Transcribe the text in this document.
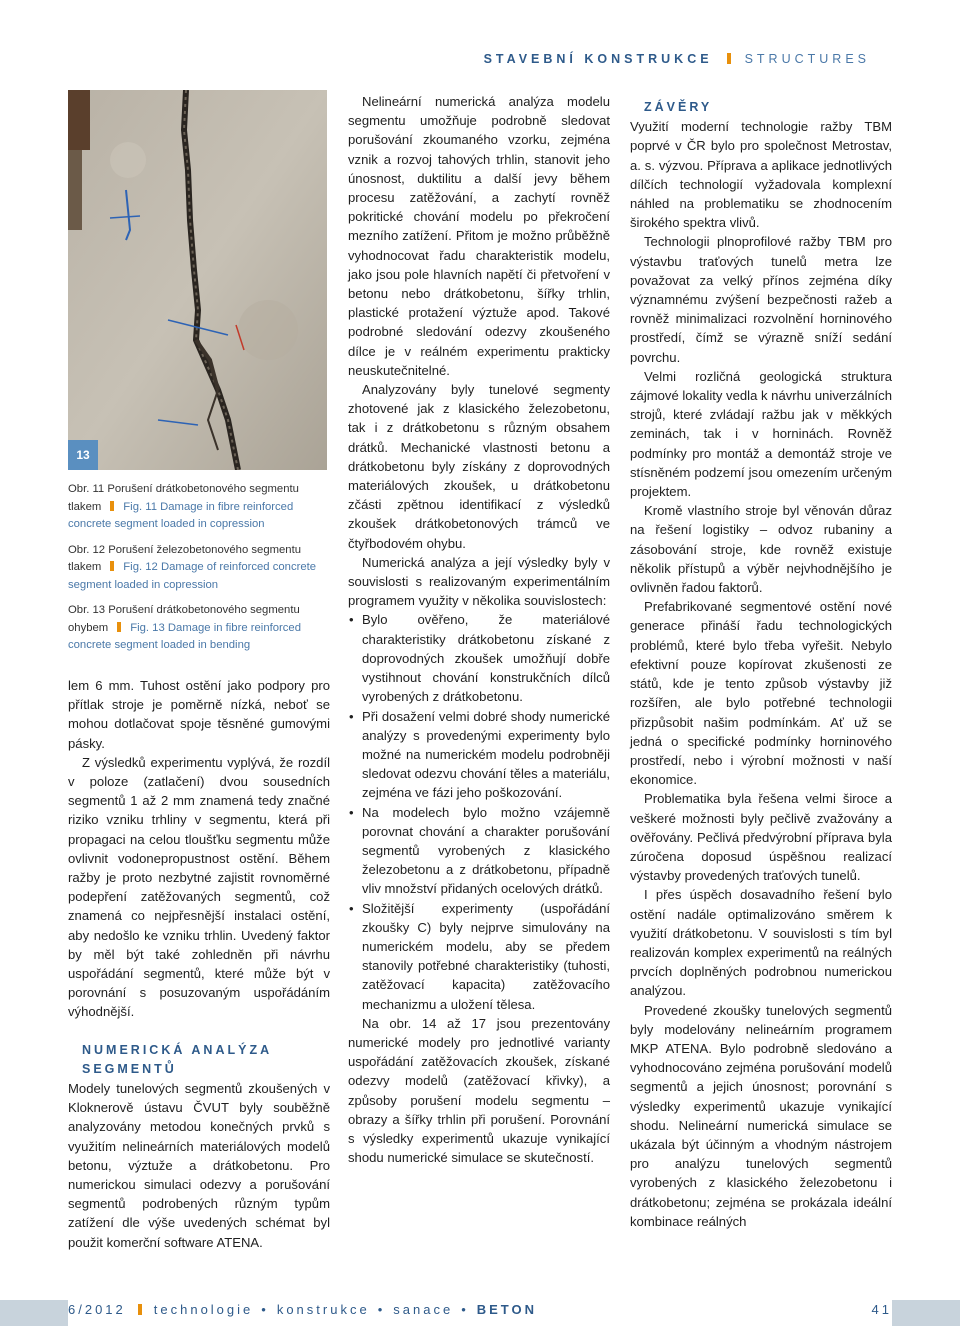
STAVEBNÍ KONSTRUKCE	STRUCTURES
13
Obr. 11 Porušení drátkobetonového segmentu tlakem Fig. 11 Damage in fibre reinforced concrete segment loaded in copression
Obr. 12 Porušení železobetonového segmentu tlakem Fig. 12 Damage of reinforced concrete segment loaded in copression
Obr. 13 Porušení drátkobetonového segmentu ohybem Fig. 13 Damage in fibre reinforced concrete segment loaded in bending

lem 6 mm. Tuhost ostění jako podpory pro přítlak stroje je poměrně nízká, neboť se mohou dotlačovat spoje těsněné gumovými pásky.

Z výsledků experimentu vyplývá, že rozdíl v poloze (zatlačení) dvou sousedních segmentů 1 až 2 mm znamená tedy značné riziko vzniku trhliny v segmentu, která při propagaci na celou tloušťku segmentu může ovlivnit vodonepropustnost ostění. Během ražby je proto nezbytné zajistit rovnoměrné podepření zatěžovaných segmentů, což znamená co nejpřesnější instalaci ostění, aby nedošlo ke vzniku trhlin. Uvedený faktor by měl být také zohledněn při návrhu uspořádání segmentů, které může být v porovnání s posuzovaným uspořádáním výhodnější.

NUMERICKÁ ANALÝZA

SEGMENTŮ

Modely tunelových segmentů zkoušených v Kloknerově ústavu ČVUT byly souběžně analyzovány metodou konečných prvků s využitím nelineárních materiálových modelů betonu, výztuže a drátkobetonu. Pro numerickou simulaci odezvy a porušování segmentů podrobených různým typům zatížení dle výše uvedených schémat byl použit komerční software ATENA.

Nelineární numerická analýza modelu segmentu umožňuje podrobně sledovat porušování zkoumaného vzorku, zejména vznik a rozvoj tahových trhlin, stanovit jeho únosnost, duktilitu a další jevy během procesu zatěžování, a zachytí rovněž pokritické chování modelu po překročení mezního zatížení. Přitom je možno průběžně vyhodnocovat řadu charakteristik modelu, jako jsou pole hlavních napětí či přetvoření v betonu nebo drátkobetonu, šířky trhlin, plastické protažení výztuže apod. Takové podrobné sledování odezvy zkoušeného dílce je v reálném experimentu prakticky neuskutečnitelné.

Analyzovány byly tunelové segmenty zhotovené jak z klasického železobetonu, tak i z drátkobetonu s různým obsahem drátků. Mechanické vlastnosti betonu a drátkobetonu byly získány z doprovodných materiálových zkoušek, u drátkobetonu zčásti zpětnou identifikací z výsledků zkoušek drátkobetonových trámců ve čtyřbodovém ohybu.

Numerická analýza a její výsledky byly v souvislosti s realizovaným experimentálním programem využity v několika souvislostech:

• Bylo ověřeno, že materiálové charakteristiky drátkobetonu získané z doprovodných zkoušek umožňují dobře vystihnout chování konstrukčních dílců vyrobených z drátkobetonu.
• Při dosažení velmi dobré shody numerické analýzy s provedenými experimenty bylo možné na numerickém modelu podrobněji sledovat odezvu chování těles a materiálu, zejména ve fázi jeho poškozování.
• Na modelech bylo možno vzájemně porovnat chování a charakter porušování segmentů vyrobených z klasického železobetonu a z drátkobetonu, případně vliv množství přidaných ocelových drátků.
• Složitější experimenty (uspořádání zkoušky C) byly nejprve simulovány na numerickém modelu, aby se předem stanovily potřebné charakteristiky (tuhosti, zatěžovací kapacita) zatěžovacího mechanizmu a uložení tělesa.

Na obr. 14 až 17 jsou prezentovány numerické modely pro jednotlivé varianty uspořádání zatěžovacích zkoušek, získané odezvy modelů (zatěžovací křivky), a způsoby porušení modelu segmentu – obrazy a šířky trhlin při porušení. Porovnání s výsledky experimentů ukazuje vynikající shodu numerické simulace se skutečností.

ZÁVĚRY

Využití moderní technologie ražby TBM poprvé v ČR bylo pro společnost Metrostav, a. s. výzvou. Příprava a aplikace jednotlivých dílčích technologií vyžadovala komplexní náhled na problematiku se zhodnocením širokého spektra vlivů.

Technologii plnoprofilové ražby TBM pro výstavbu traťových tunelů metra lze považovat za velký přínos zejména díky významnému zvýšení bezpečnosti ražeb a rovněž minimalizaci rozvolnění horninového prostředí, čímž se výrazně sníží sedání povrchu.

Velmi rozličná geologická struktura zájmové lokality vedla k návrhu univerzálních strojů, které zvládají ražbu jak v měkkých zeminách, tak i v horninách. Rovněž podmínky pro montáž a demontáž stroje ve stísněném podzemí jsou omezením určeným projektem.

Kromě vlastního stroje byl věnován důraz na řešení logistiky – odvoz rubaniny a zásobování stroje, kde rovněž existuje několik přístupů a výběr nejvhodnějšího je ovlivněn řadou faktorů.

Prefabrikované segmentové ostění nové generace přináší řadu technologických problémů, které bylo třeba vyřešit. Nebylo efektivní pouze kopírovat zkušenosti ze států, kde je tento způsob výstavby již rozšířen, ale bylo potřebné technologii přizpůsobit našim podmínkám. Ať už se jedná o specifické podmínky horninového prostředí, nebo i výrobní možnosti v naší ekonomice.

Problematika byla řešena velmi široce a veškeré možnosti byly pečlivě zvažovány a ověřovány. Pečlivá předvýrobní příprava byla zúročena doposud úspěšnou realizací výstavby provedených traťových tunelů.

I přes úspěch dosavadního řešení bylo ostění nadále optimalizováno směrem k využití drátkobetonu. V souvislosti s tím byl realizován komplex experimentů na reálných prvcích doplněných podrobnou numerickou analýzou.

Provedené zkoušky tunelových segmentů byly modelovány nelineárním programem MKP ATENA. Bylo podrobně sledováno a vyhodnocováno zejména porušování modelů segmentů a jejich únosnost; porovnání s výsledky experimentů ukazuje vynikající shodu. Nelineární numerická simulace se ukázala být účinným a vhodným nástrojem pro analýzu tunelových segmentů vyrobených z klasického železobetonu i drátkobetonu; zejména se prokázala ideální kombinace reálných

6/2012 technologie • konstrukce • sanace • BETON	41
